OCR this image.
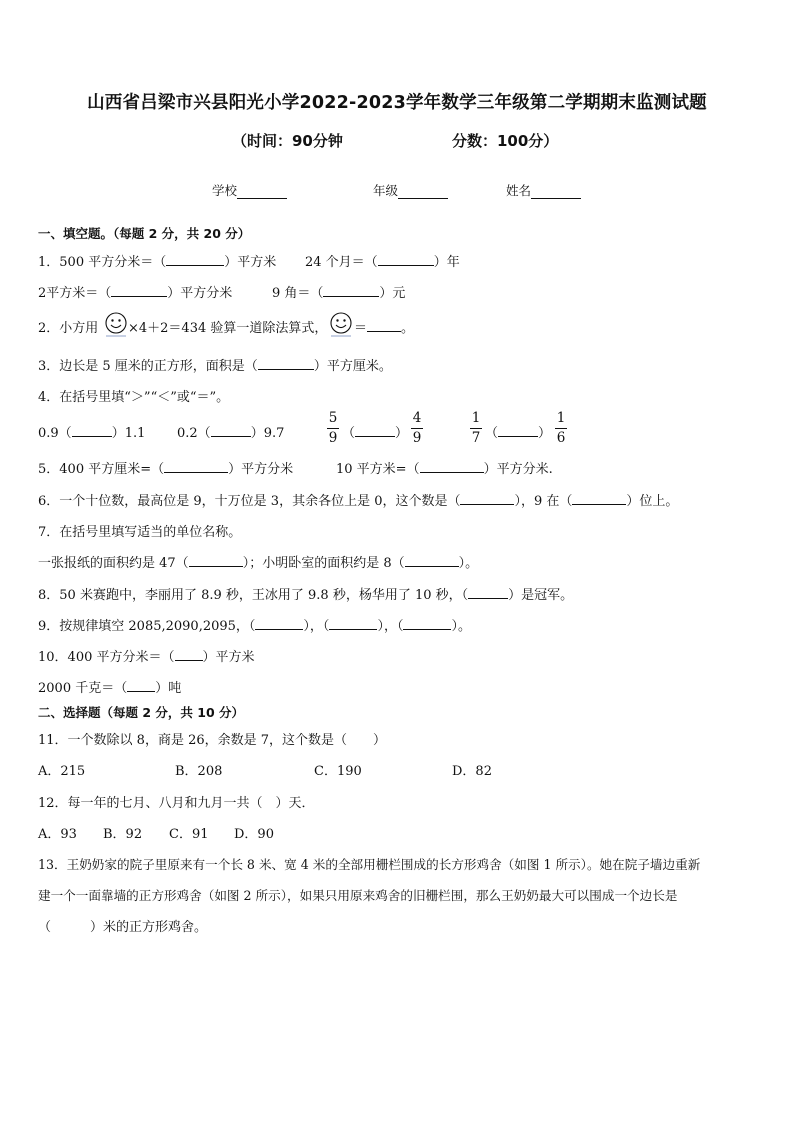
山西省吕梁市兴县阳光小学2022-2023学年数学三年级第二学期期末监测试题
（时间：90分钟	分数：100分）
学校	年级	姓名
一、填空题。（每题 2 分，共 20 分）
1．500 平方分米＝（	）平方米 24 个月＝（	）年
2平方米＝（	）平方分米	9 角＝（	）元
2．小方用 ×4＋2＝434 验算一道除法算式， ＝	。
3．边长是 5 厘米的正方形，面积是（	）平方厘米。
4．在括号里填“＞”“＜”或“＝”。
0.9（	）1.1 0.2（	）9.7
5
9 （	）
4
9
1
7 （	）
1
6
5．400 平方厘米=（	）平方分米	10 平方米=（	）平方分米.
6．一个十位数，最高位是 9，十万位是 3，其余各位上是 0，这个数是（	），9 在（	）位上。
7．在括号里填写适当的单位名称。
一张报纸的面积约是 47（	）；小明卧室的面积约是 8（	）。
8．50 米赛跑中，李丽用了 8.9 秒，王冰用了 9.8 秒，杨华用了 10 秒，（	）是冠军。
9．按规律填空 2085,2090,2095，（	），（	），（	）。
10．400 平方分米＝（ ）平方米
2000 千克＝（ ）吨
二、选择题（每题 2 分，共 10 分）
11．一个数除以 8，商是 26，余数是 7，这个数是（　　）
A．215	B．208	C．190	D．82
12．每一年的七月、八月和九月一共（　）天．
A．93 B．92 C．91 D．90
13．王奶奶家的院子里原来有一个长 8 米、宽 4 米的全部用栅栏围成的长方形鸡舍（如图 1 所示）。她在院子墙边重新
建一个一面靠墙的正方形鸡舍（如图 2 所示），如果只用原来鸡舍的旧栅栏围，那么王奶奶最大可以围成一个边长是
（　　　）米的正方形鸡舍。
